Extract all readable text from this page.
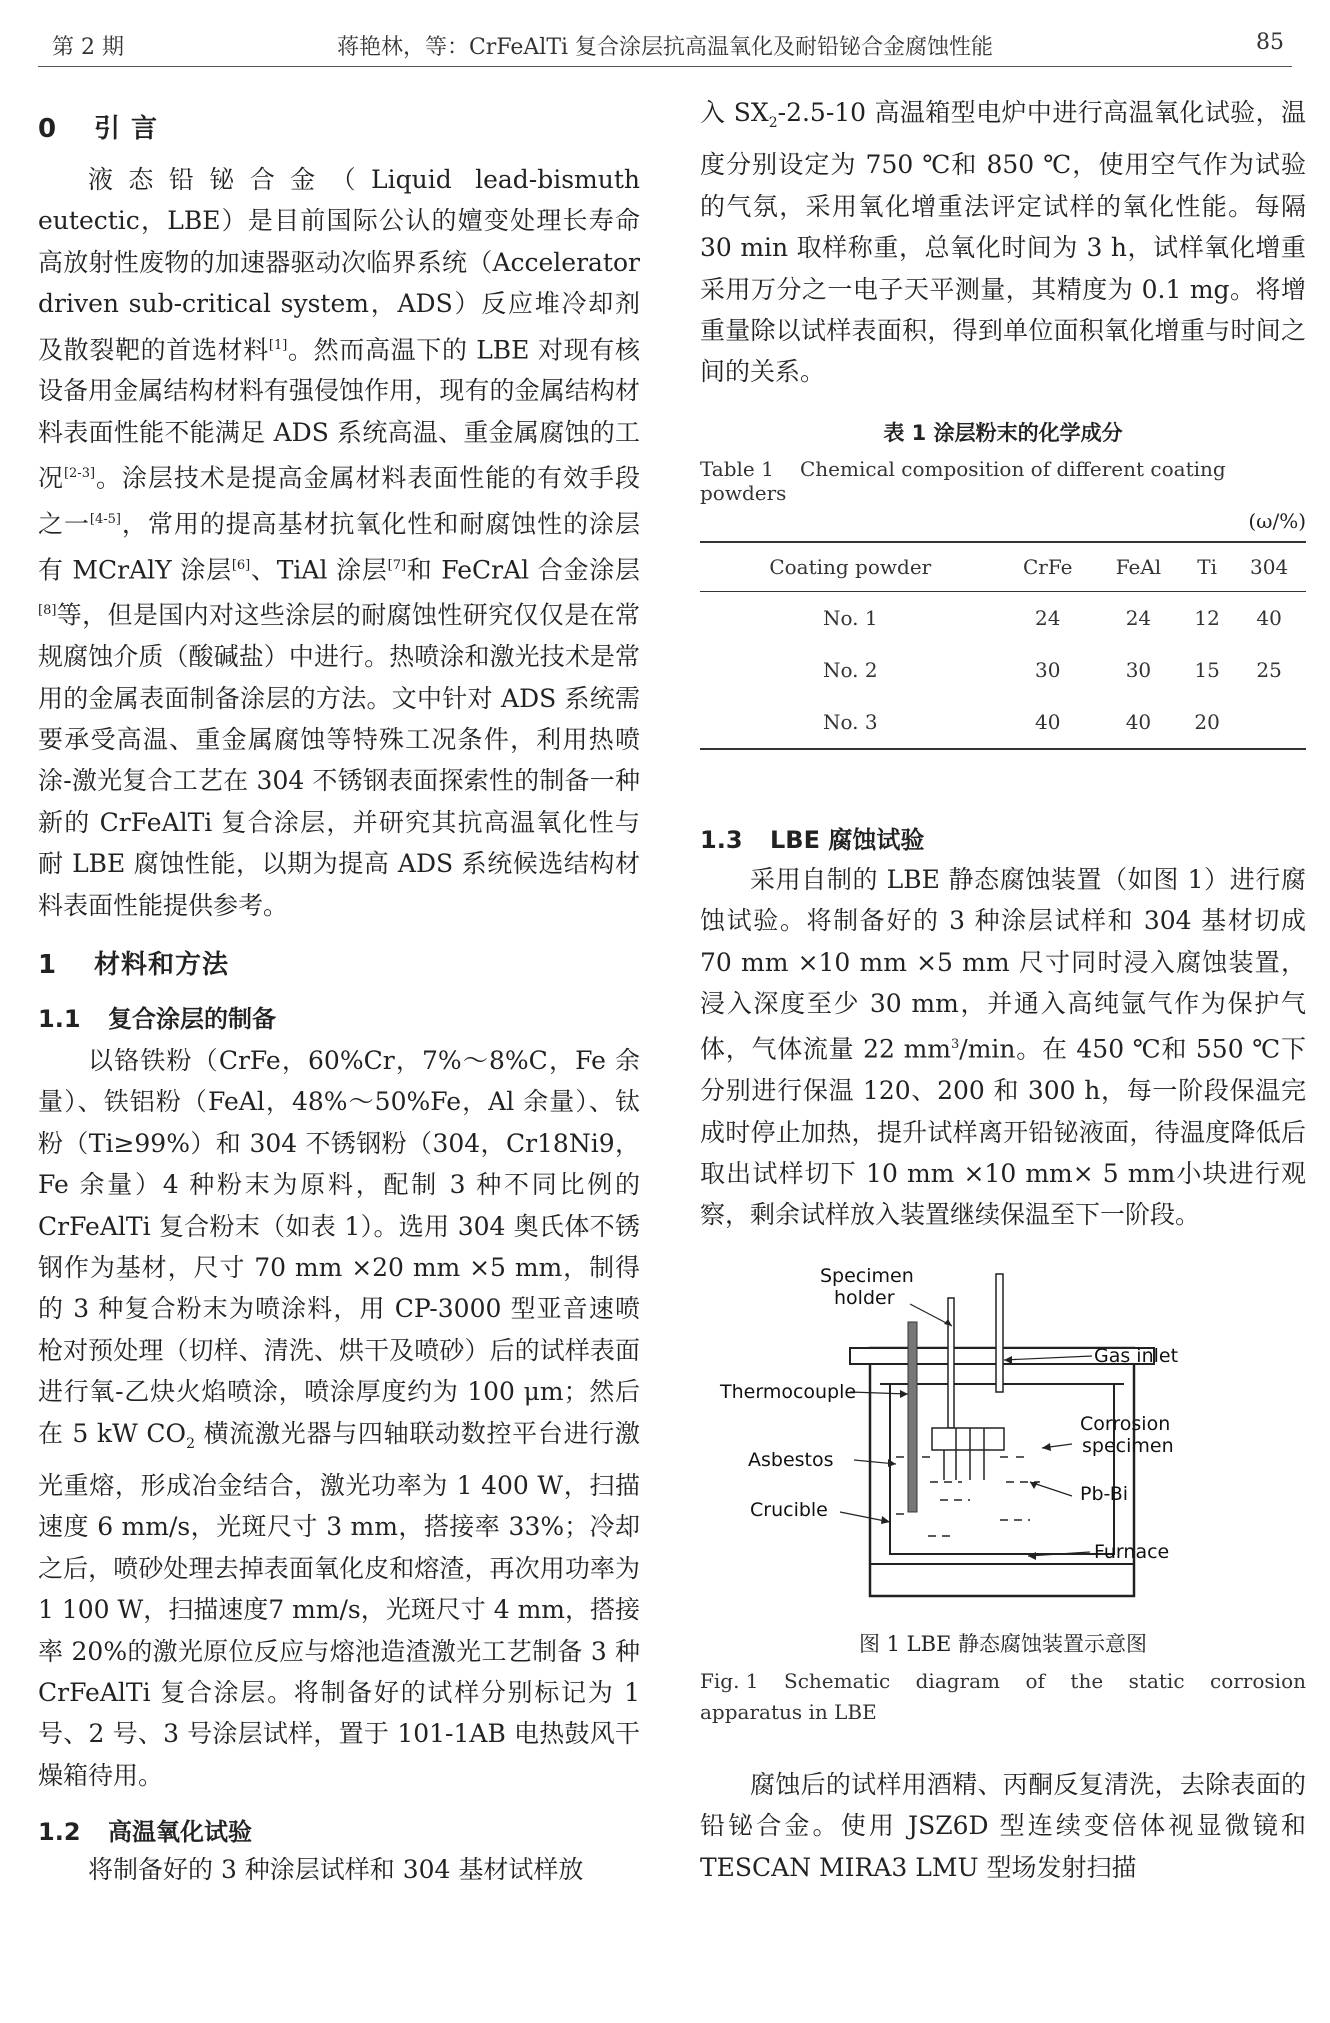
第 2 期	蒋艳林，等：CrFeAlTi 复合涂层抗高温氧化及耐铅铋合金腐蚀性能	85
0 引 言

液态铅铋合金（Liquid lead-bismuth eutectic，LBE）是目前国际公认的嬗变处理长寿命高放射性废物的加速器驱动次临界系统（Accelerator driven sub-critical system，ADS）反应堆冷却剂及散裂靶的首选材料[1]。然而高温下的 LBE 对现有核设备用金属结构材料有强侵蚀作用，现有的金属结构材料表面性能不能满足 ADS 系统高温、重金属腐蚀的工况[2-3]。涂层技术是提高金属材料表面性能的有效手段之一[4-5]，常用的提高基材抗氧化性和耐腐蚀性的涂层有 MCrAlY 涂层[6]、TiAl 涂层[7]和 FeCrAl 合金涂层[8]等，但是国内对这些涂层的耐腐蚀性研究仅仅是在常规腐蚀介质（酸碱盐）中进行。热喷涂和激光技术是常用的金属表面制备涂层的方法。文中针对 ADS 系统需要承受高温、重金属腐蚀等特殊工况条件，利用热喷涂-激光复合工艺在 304 不锈钢表面探索性的制备一种新的 CrFeAlTi 复合涂层，并研究其抗高温氧化性与耐 LBE 腐蚀性能，以期为提高 ADS 系统候选结构材料表面性能提供参考。

1 材料和方法
1.1 复合涂层的制备

以铬铁粉（CrFe，60%Cr，7%～8%C，Fe 余量）、铁铝粉（FeAl，48%～50%Fe，Al 余量）、钛粉（Ti≥99%）和 304 不锈钢粉（304，Cr18Ni9，Fe 余量）4 种粉末为原料，配制 3 种不同比例的 CrFeAlTi 复合粉末（如表 1）。选用 304 奥氏体不锈钢作为基材，尺寸 70 mm ×20 mm ×5 mm，制得的 3 种复合粉末为喷涂料，用 CP-3000 型亚音速喷枪对预处理（切样、清洗、烘干及喷砂）后的试样表面进行氧-乙炔火焰喷涂，喷涂厚度约为 100 μm；然后在 5 kW $CO_2$ 横流激光器与四轴联动数控平台进行激光重熔，形成冶金结合，激光功率为 1 400 W，扫描速度 6 mm/s，光斑尺寸 3 mm，搭接率 33%；冷却之后，喷砂处理去掉表面氧化皮和熔渣，再次用功率为 1 100 W，扫描速度7 mm/s，光斑尺寸 4 mm，搭接率 20%的激光原位反应与熔池造渣激光工艺制备 3 种 CrFeAlTi 复合涂层。将制备好的试样分别标记为 1 号、2 号、3 号涂层试样，置于 101-1AB 电热鼓风干燥箱待用。

1.2 高温氧化试验

将制备好的 3 种涂层试样和 304 基材试样放

入 $SX_2-2.5-10$ 高温箱型电炉中进行高温氧化试验，温度分别设定为 750 ℃和 850 ℃，使用空气作为试验的气氛，采用氧化增重法评定试样的氧化性能。每隔 30 min 取样称重，总氧化时间为 3 h，试样氧化增重采用万分之一电子天平测量，其精度为 0.1 mg。将增重量除以试样表面积，得到单位面积氧化增重与时间之间的关系。

表 1 涂层粉末的化学成分
Table 1 Chemical composition of different coating powders
(ω/%)
Coating powder	CrFe	FeAl	Ti	304
No. 1	24	24	12	40
No. 2	30	30	15	25
No. 3	40	40	20	
1.3 LBE 腐蚀试验

采用自制的 LBE 静态腐蚀装置（如图 1）进行腐蚀试验。将制备好的 3 种涂层试样和 304 基材切成 70 mm ×10 mm ×5 mm 尺寸同时浸入腐蚀装置，浸入深度至少 30 mm，并通入高纯氩气作为保护气体，气体流量 22 $mm^3/\min$。在 450 ℃和 550 ℃下分别进行保温 120、200 和 300 h，每一阶段保温完成时停止加热，提升试样离开铅铋液面，待温度降低后取出试样切下 10 mm ×10 mm× 5 mm小块进行观察，剩余试样放入装置继续保温至下一阶段。

Specimen
holder
Gas inlet
Thermocouple
Corrosion
specimen
Asbestos
Pb-Bi
Crucible
Furnace
图 1 LBE 静态腐蚀装置示意图
Fig. 1 Schematic diagram of the static corrosion apparatus in LBE

腐蚀后的试样用酒精、丙酮反复清洗，去除表面的铅铋合金。使用 JSZ6D 型连续变倍体视显微镜和 TESCAN MIRA3 LMU 型场发射扫描
